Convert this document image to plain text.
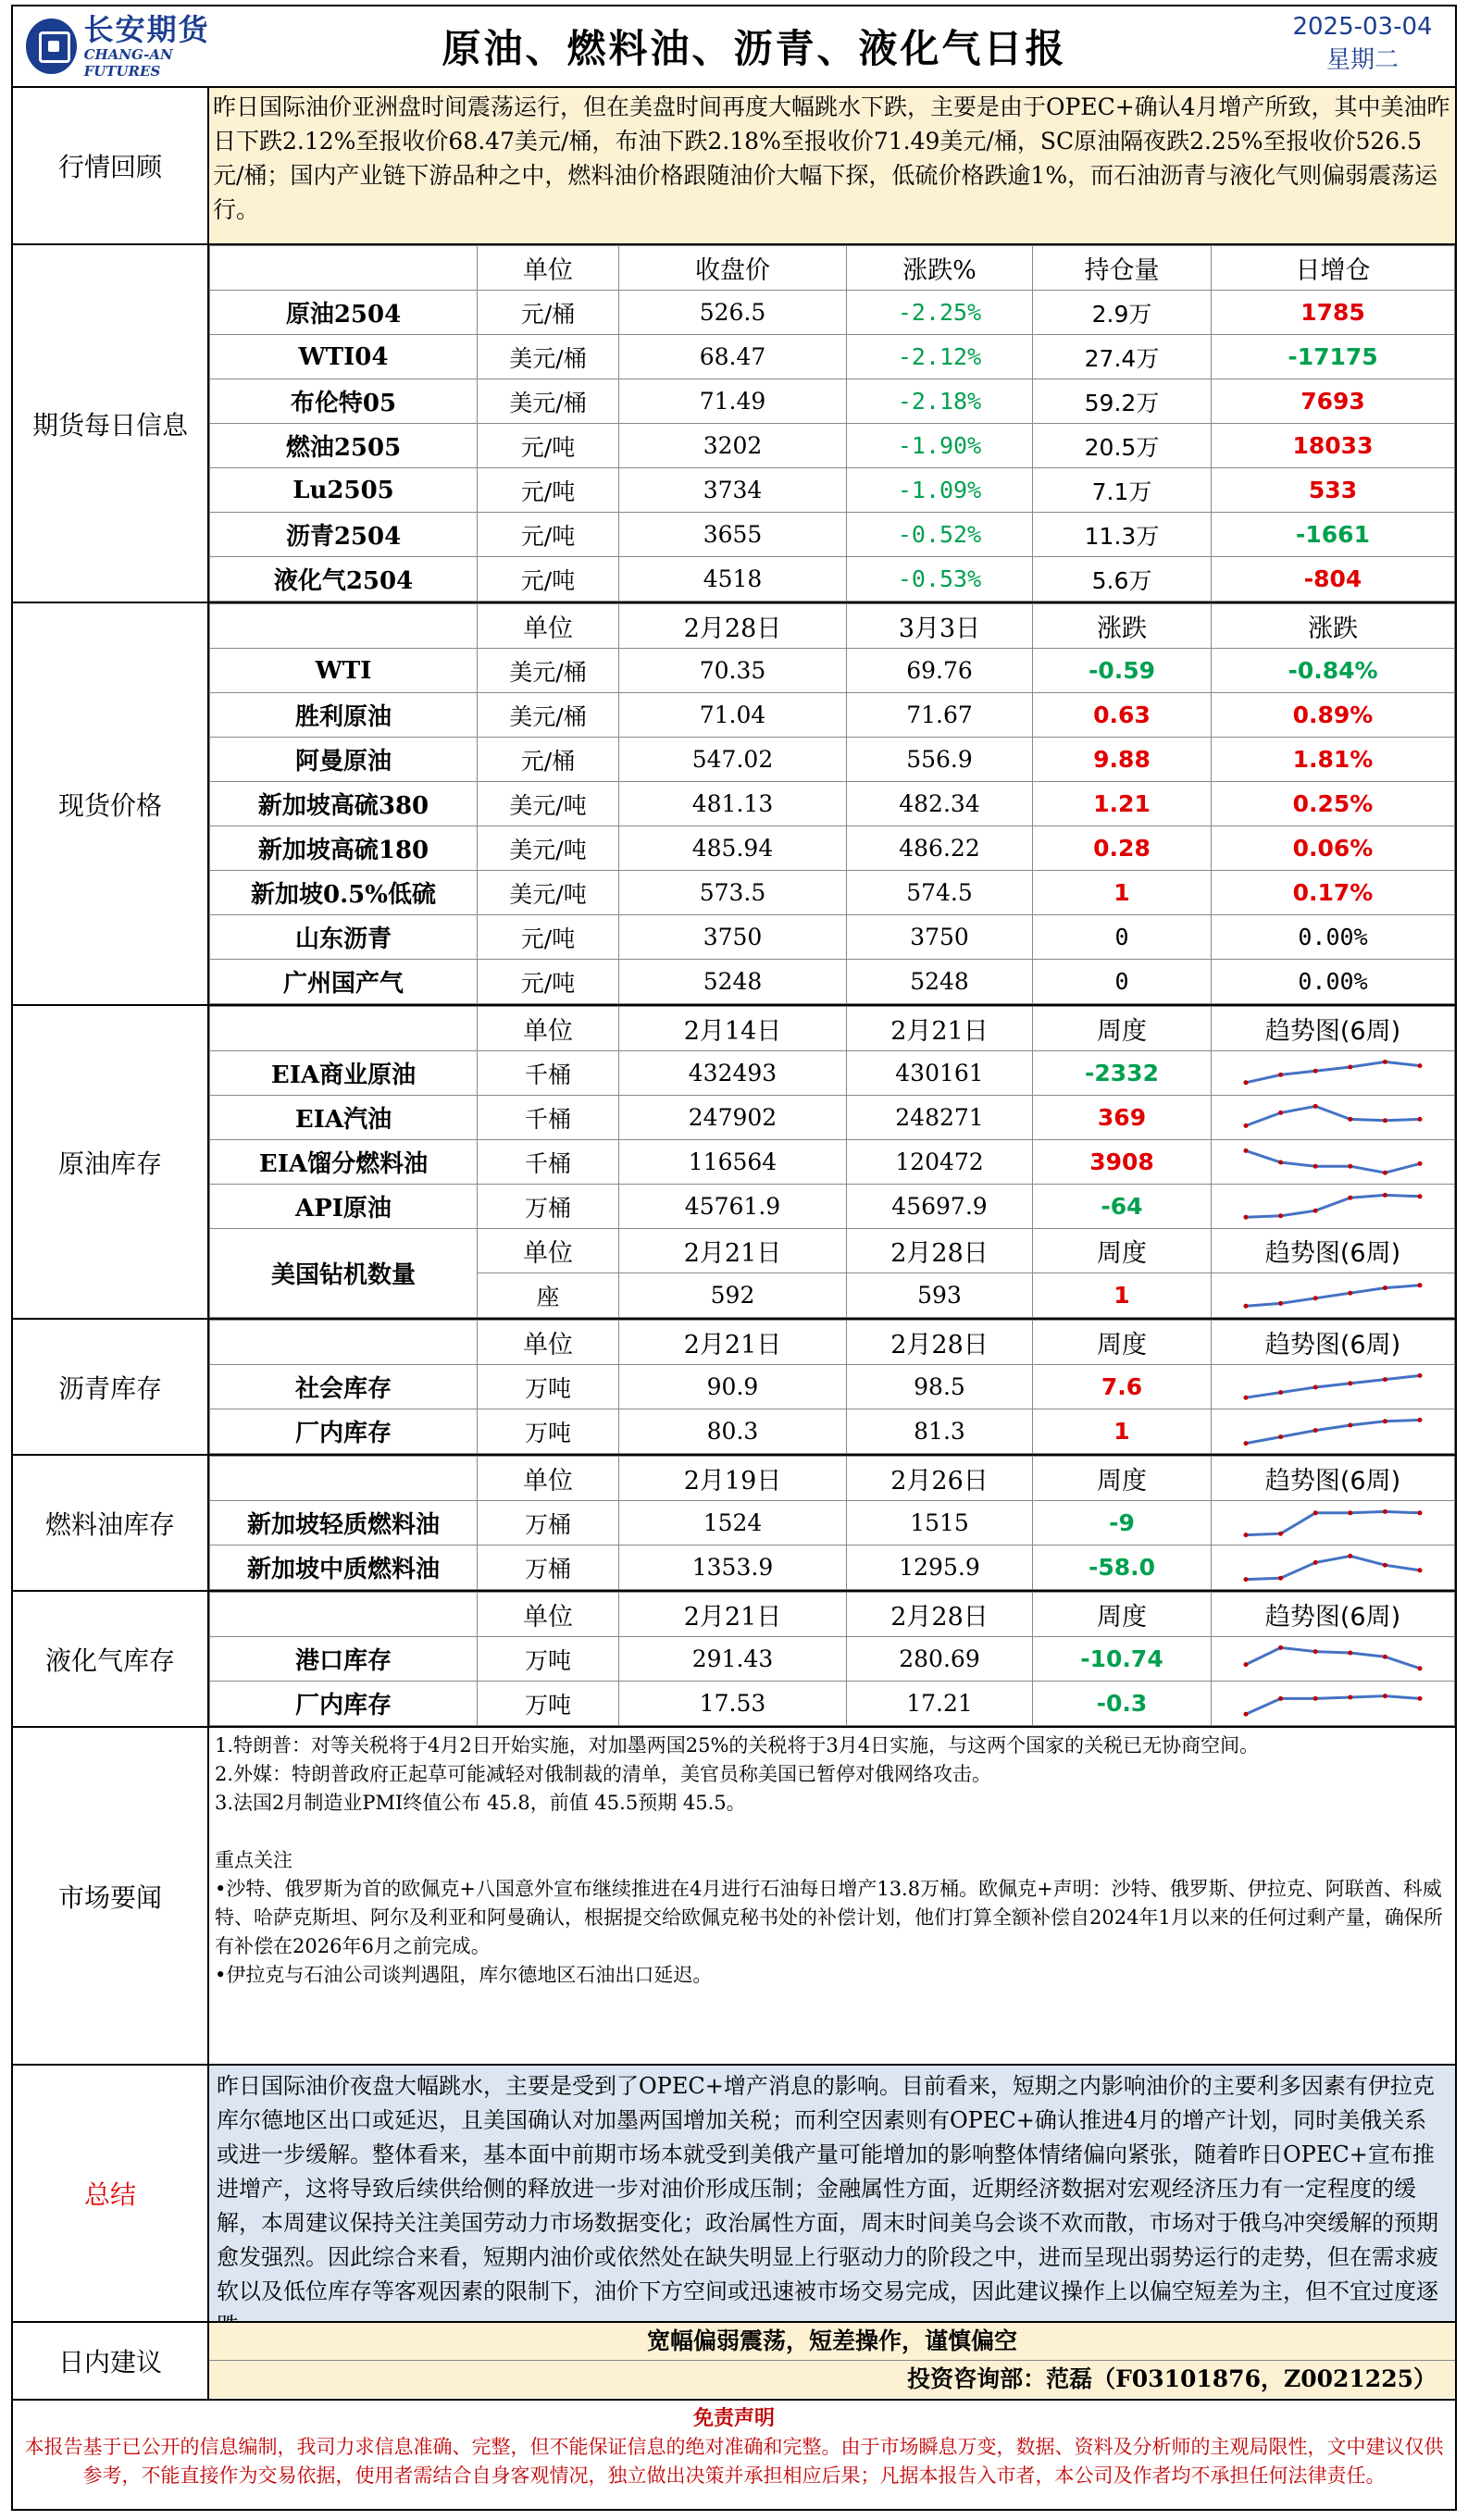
长安期货
CHANG-AN FUTURES	原油、燃料油、沥青、液化气日报	2025-03-04
星期二
行情回顾
昨日国际油价亚洲盘时间震荡运行，但在美盘时间再度大幅跳水下跌，主要是由于OPEC+确认4月增产所致，其中美油昨日下跌2.12%至报收价68.47美元/桶，布油下跌2.18%至报收价71.49美元/桶，SC原油隔夜跌2.25%至报收价526.5元/桶；国内产业链下游品种之中，燃料油价格跟随油价大幅下探，低硫价格跌逾1%，而石油沥青与液化气则偏弱震荡运行。
期货每日信息
	单位	收盘价	涨跌%	持仓量	日增仓
原油2504	元/桶	526.5	-2.25%	2.9万	1785
WTI04	美元/桶	68.47	-2.12%	27.4万	-17175
布伦特05	美元/桶	71.49	-2.18%	59.2万	7693
燃油2505	元/吨	3202	-1.90%	20.5万	18033
Lu2505	元/吨	3734	-1.09%	7.1万	533
沥青2504	元/吨	3655	-0.52%	11.3万	-1661
液化气2504	元/吨	4518	-0.53%	5.6万	-804
现货价格
	单位	2月28日	3月3日	涨跌	涨跌
WTI	美元/桶	70.35	69.76	-0.59	-0.84%
胜利原油	美元/桶	71.04	71.67	0.63	0.89%
阿曼原油	元/桶	547.02	556.9	9.88	1.81%
新加坡高硫380	美元/吨	481.13	482.34	1.21	0.25%
新加坡高硫180	美元/吨	485.94	486.22	0.28	0.06%
新加坡0.5%低硫	美元/吨	573.5	574.5	1	0.17%
山东沥青	元/吨	3750	3750	0	0.00%
广州国产气	元/吨	5248	5248	0	0.00%
原油库存
	单位	2月14日	2月21日	周度	趋势图(6周)
EIA商业原油	千桶	432493	430161	-2332	

EIA汽油	千桶	247902	248271	369	

EIA馏分燃料油	千桶	116564	120472	3908	

API原油	万桶	45761.9	45697.9	-64	

美国钻机数量	单位	2月21日	2月28日	周度	趋势图(6周)
	座	592	593	1	
沥青库存
	单位	2月21日	2月28日	周度	趋势图(6周)
社会库存	万吨	90.9	98.5	7.6	

厂内库存	万吨	80.3	81.3	1	
燃料油库存
	单位	2月19日	2月26日	周度	趋势图(6周)
新加坡轻质燃料油	万桶	1524	1515	-9	

新加坡中质燃料油	万桶	1353.9	1295.9	-58.0	
液化气库存
	单位	2月21日	2月28日	周度	趋势图(6周)
港口库存	万吨	291.43	280.69	-10.74	

厂内库存	万吨	17.53	17.21	-0.3	
市场要闻
1.特朗普：对等关税将于4月2日开始实施，对加墨两国25%的关税将于3月4日实施，与这两个国家的关税已无协商空间。
2.外媒：特朗普政府正起草可能减轻对俄制裁的清单，美官员称美国已暂停对俄网络攻击。
3.法国2月制造业PMI终值公布 45.8，前值 45.5预期 45.5。
重点关注
•沙特、俄罗斯为首的欧佩克+八国意外宣布继续推进在4月进行石油每日增产13.8万桶。欧佩克+声明：沙特、俄罗斯、伊拉克、阿联酋、科威特、哈萨克斯坦、阿尔及利亚和阿曼确认，根据提交给欧佩克秘书处的补偿计划，他们打算全额补偿自2024年1月以来的任何过剩产量，确保所有补偿在2026年6月之前完成。
•伊拉克与石油公司谈判遇阻，库尔德地区石油出口延迟。
总结
昨日国际油价夜盘大幅跳水，主要是受到了OPEC+增产消息的影响。目前看来，短期之内影响油价的主要利多因素有伊拉克库尔德地区出口或延迟，且美国确认对加墨两国增加关税；而利空因素则有OPEC+确认推进4月的增产计划，同时美俄关系或进一步缓解。整体看来，基本面中前期市场本就受到美俄产量可能增加的影响整体情绪偏向紧张，随着昨日OPEC+宣布推进增产，这将导致后续供给侧的释放进一步对油价形成压制；金融属性方面，近期经济数据对宏观经济压力有一定程度的缓解，本周建议保持关注美国劳动力市场数据变化；政治属性方面，周末时间美乌会谈不欢而散，市场对于俄乌冲突缓解的预期愈发强烈。因此综合来看，短期内油价或依然处在缺失明显上行驱动力的阶段之中，进而呈现出弱势运行的走势，但在需求疲软以及低位库存等客观因素的限制下，油价下方空间或迅速被市场交易完成，因此建议操作上以偏空短差为主，但不宜过度逐
日内建议
宽幅偏弱震荡，短差操作，谨慎偏空
投资咨询部：范磊（F03101876，Z0021225）
免责声明
本报告基于已公开的信息编制，我司力求信息准确、完整，但不能保证信息的绝对准确和完整。由于市场瞬息万变，数据、资料及分析师的主观局限性，文中建议仅供参考，不能直接作为交易依据，使用者需结合自身客观情况，独立做出决策并承担相应后果；凡据本报告入市者，本公司及作者均不承担任何法律责任。
